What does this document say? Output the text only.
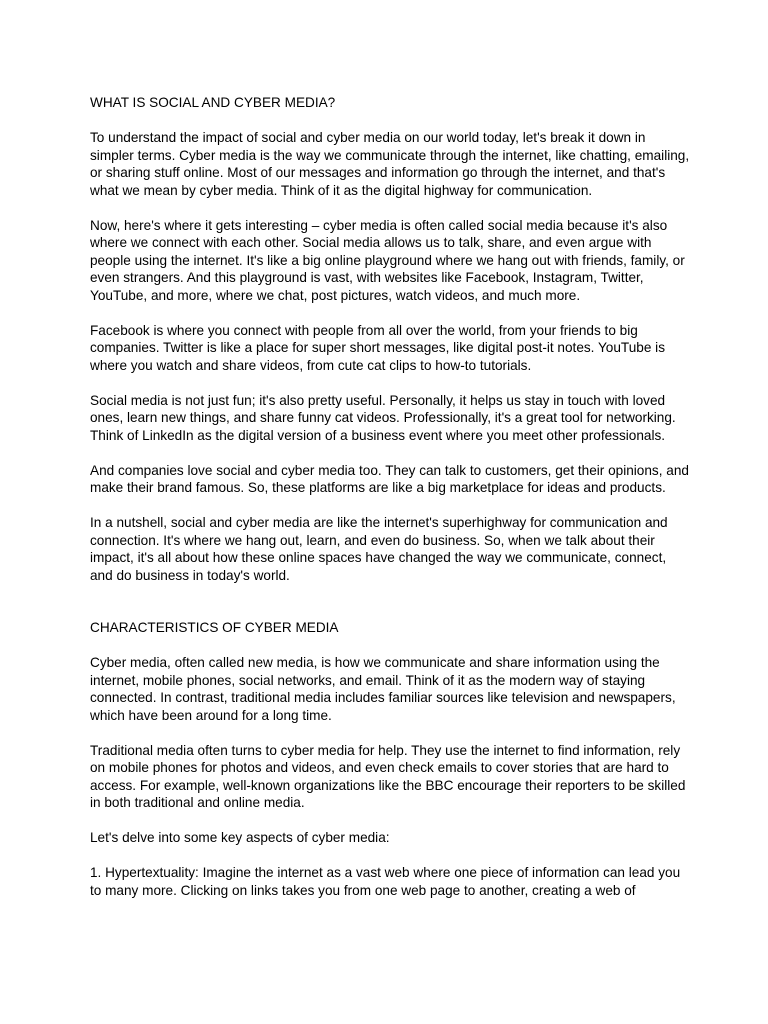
WHAT IS SOCIAL AND CYBER MEDIA?
To understand the impact of social and cyber media on our world today, let's break it down in simpler terms. Cyber media is the way we communicate through the internet, like chatting, emailing, or sharing stuff online. Most of our messages and information go through the internet, and that's what we mean by cyber media. Think of it as the digital highway for communication.
Now, here's where it gets interesting – cyber media is often called social media because it's also where we connect with each other. Social media allows us to talk, share, and even argue with people using the internet. It's like a big online playground where we hang out with friends, family, or even strangers. And this playground is vast, with websites like Facebook, Instagram, Twitter, YouTube, and more, where we chat, post pictures, watch videos, and much more.
Facebook is where you connect with people from all over the world, from your friends to big companies. Twitter is like a place for super short messages, like digital post-it notes. YouTube is where you watch and share videos, from cute cat clips to how-to tutorials.
Social media is not just fun; it's also pretty useful. Personally, it helps us stay in touch with loved ones, learn new things, and share funny cat videos. Professionally, it's a great tool for networking. Think of LinkedIn as the digital version of a business event where you meet other professionals.
And companies love social and cyber media too. They can talk to customers, get their opinions, and make their brand famous. So, these platforms are like a big marketplace for ideas and products.
In a nutshell, social and cyber media are like the internet's superhighway for communication and connection. It's where we hang out, learn, and even do business. So, when we talk about their impact, it's all about how these online spaces have changed the way we communicate, connect, and do business in today's world.
CHARACTERISTICS OF CYBER MEDIA
Cyber media, often called new media, is how we communicate and share information using the internet, mobile phones, social networks, and email. Think of it as the modern way of staying connected. In contrast, traditional media includes familiar sources like television and newspapers, which have been around for a long time.
Traditional media often turns to cyber media for help. They use the internet to find information, rely on mobile phones for photos and videos, and even check emails to cover stories that are hard to access. For example, well-known organizations like the BBC encourage their reporters to be skilled in both traditional and online media.
Let's delve into some key aspects of cyber media:
1. Hypertextuality: Imagine the internet as a vast web where one piece of information can lead you to many more. Clicking on links takes you from one web page to another, creating a web of
